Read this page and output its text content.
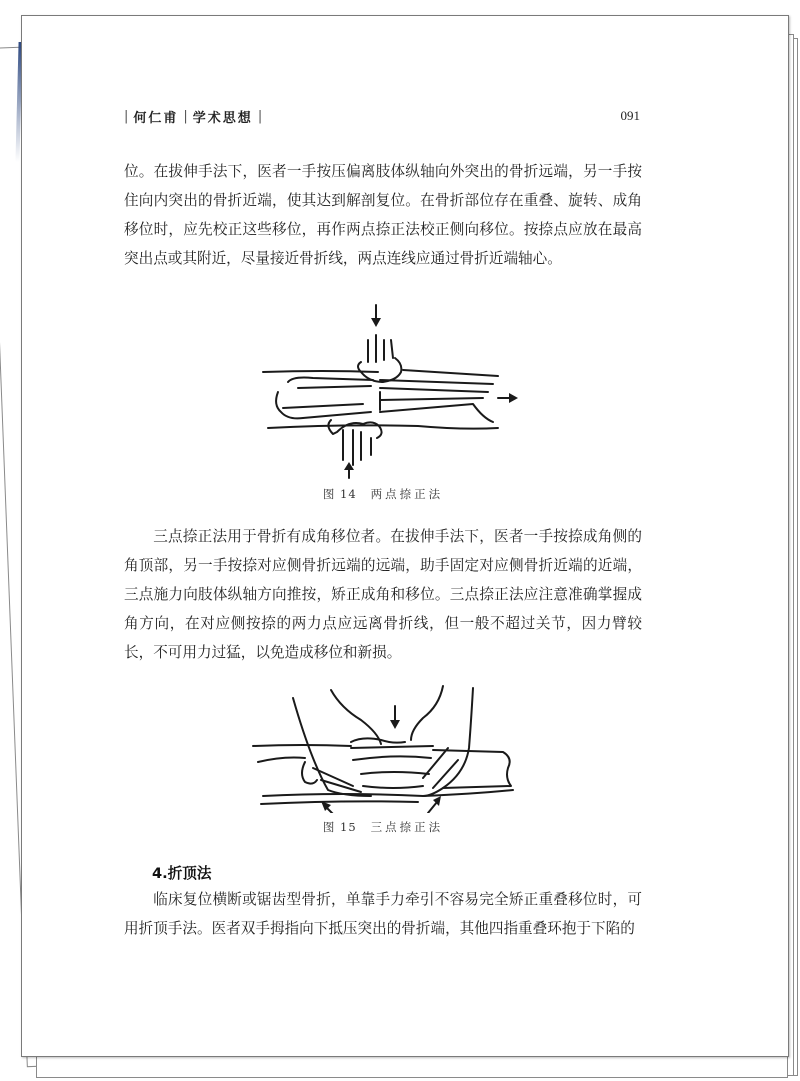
| 何仁甫 | 学术思想 |	091

位。在拔伸手法下，医者一手按压偏离肢体纵轴向外突出的骨折远端，另一手按住向内突出的骨折近端，使其达到解剖复位。在骨折部位存在重叠、旋转、成角移位时，应先校正这些移位，再作两点捺正法校正侧向移位。按捺点应放在最高突出点或其附近，尽量接近骨折线，两点连线应通过骨折近端轴心。

图 14 两点捺正法

三点捺正法用于骨折有成角移位者。在拔伸手法下，医者一手按捺成角侧的角顶部，另一手按捺对应侧骨折远端的远端，助手固定对应侧骨折近端的近端，三点施力向肢体纵轴方向推按，矫正成角和移位。三点捺正法应注意准确掌握成角方向，在对应侧按捺的两力点应远离骨折线，但一般不超过关节，因力臂较长，不可用力过猛，以免造成移位和新损。

图 15 三点捺正法
4.折顶法

临床复位横断或锯齿型骨折，单靠手力牵引不容易完全矫正重叠移位时，可用折顶手法。医者双手拇指向下抵压突出的骨折端，其他四指重叠环抱于下陷的
